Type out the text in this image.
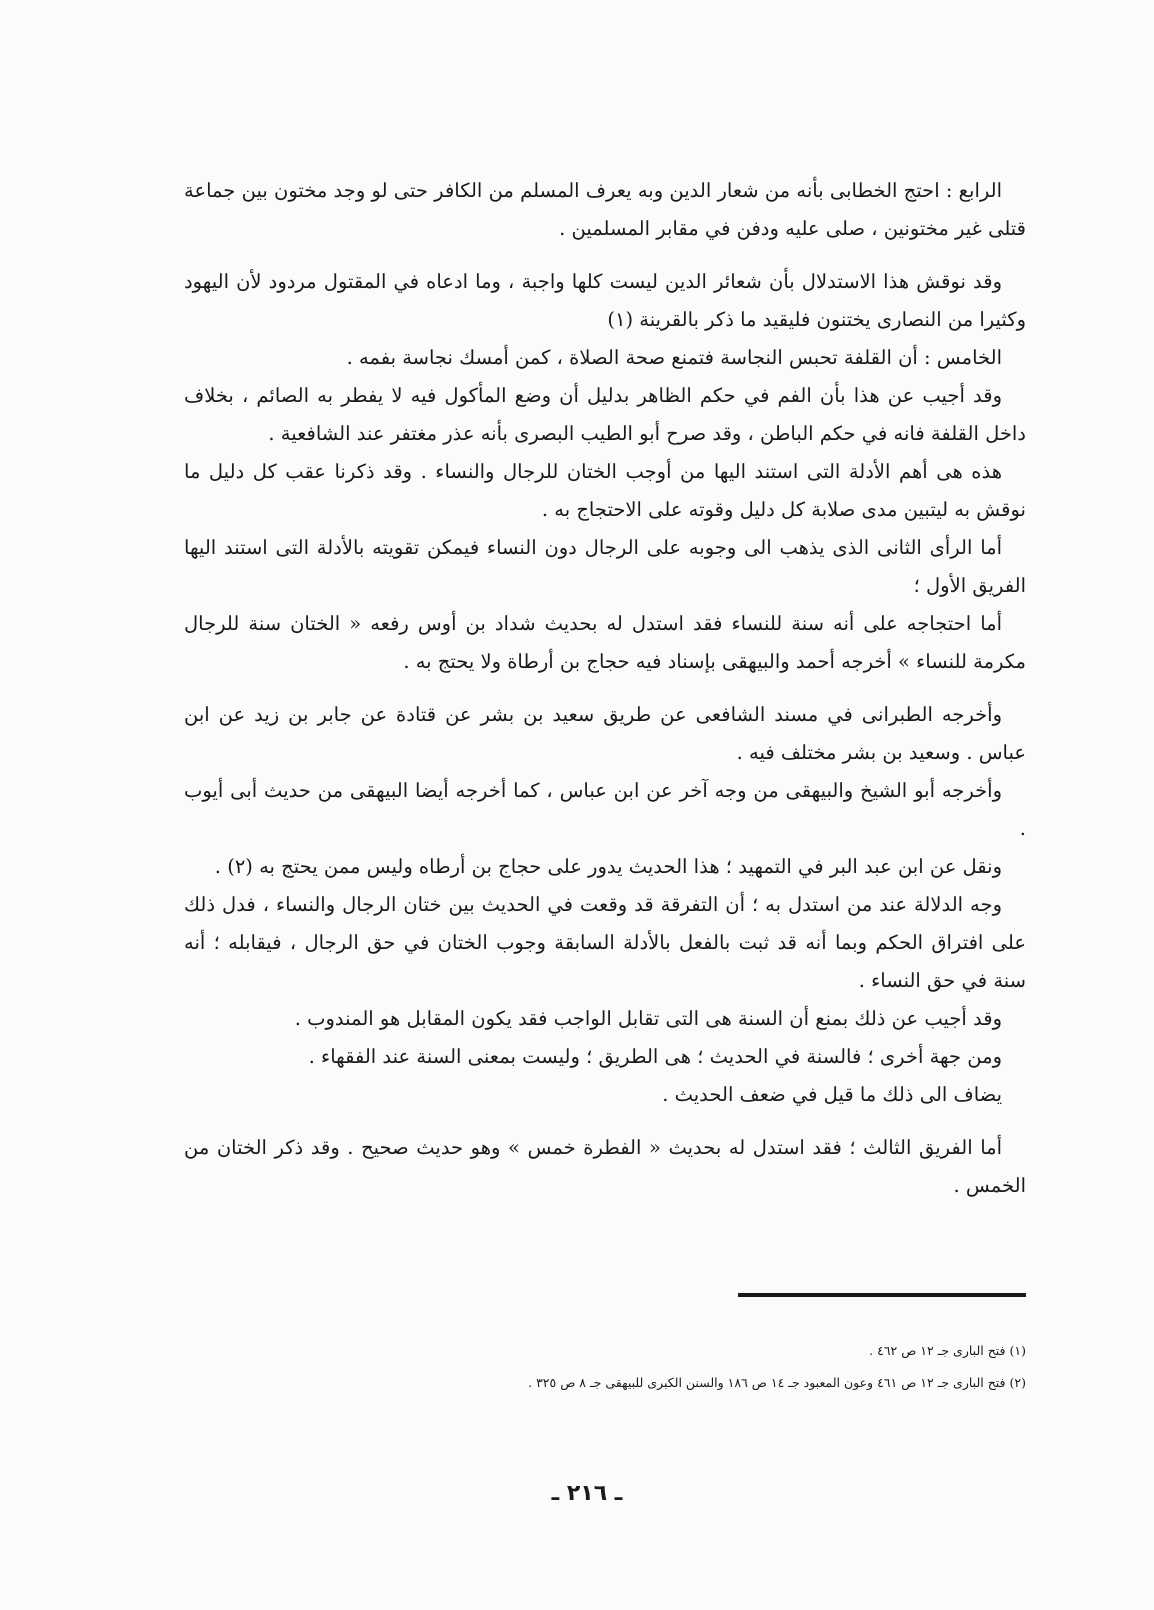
الرابع : احتج الخطابى بأنه من شعار الدين وبه يعرف المسلم من الكافر حتى لو وجد مختون بين جماعة قتلى غير مختونين ، صلى عليه ودفن في مقابر المسلمين .

وقد نوقش هذا الاستدلال بأن شعائر الدين ليست كلها واجبة ، وما ادعاه في المقتول مردود لأن اليهود وكثيرا من النصارى يختنون فليقيد ما ذكر بالقرينة (١)

الخامس : أن القلفة تحبس النجاسة فتمنع صحة الصلاة ، كمن أمسك نجاسة بفمه .

وقد أجيب عن هذا بأن الفم في حكم الظاهر بدليل أن وضع المأكول فيه لا يفطر به الصائم ، بخلاف داخل القلفة فانه في حكم الباطن ، وقد صرح أبو الطيب البصرى بأنه عذر مغتفر عند الشافعية .

هذه هى أهم الأدلة التى استند اليها من أوجب الختان للرجال والنساء . وقد ذكرنا عقب كل دليل ما نوقش به ليتبين مدى صلابة كل دليل وقوته على الاحتجاج به .

أما الرأى الثانى الذى يذهب الى وجوبه على الرجال دون النساء فيمكن تقويته بالأدلة التى استند اليها الفريق الأول ؛

أما احتجاجه على أنه سنة للنساء فقد استدل له بحديث شداد بن أوس رفعه « الختان سنة للرجال مكرمة للنساء » أخرجه أحمد والبيهقى بإسناد فيه حجاج بن أرطاة ولا يحتج به .

وأخرجه الطبرانى في مسند الشافعى عن طريق سعيد بن بشر عن قتادة عن جابر بن زيد عن ابن عباس . وسعيد بن بشر مختلف فيه .

وأخرجه أبو الشيخ والبيهقى من وجه آخر عن ابن عباس ، كما أخرجه أيضا البيهقى من حديث أبى أيوب .

ونقل عن ابن عبد البر في التمهيد ؛ هذا الحديث يدور على حجاج بن أرطاه وليس ممن يحتج به (٢) .

وجه الدلالة عند من استدل به ؛ أن التفرقة قد وقعت في الحديث بين ختان الرجال والنساء ، فدل ذلك على افتراق الحكم وبما أنه قد ثبت بالفعل بالأدلة السابقة وجوب الختان في حق الرجال ، فيقابله ؛ أنه سنة في حق النساء .

وقد أجيب عن ذلك بمنع أن السنة هى التى تقابل الواجب فقد يكون المقابل هو المندوب .

ومن جهة أخرى ؛ فالسنة في الحديث ؛ هى الطريق ؛ وليست بمعنى السنة عند الفقهاء .

يضاف الى ذلك ما قيل في ضعف الحديث .

أما الفريق الثالث ؛ فقد استدل له بحديث « الفطرة خمس » وهو حديث صحيح . وقد ذكر الختان من الخمس .

(١) فتح البارى جـ ١٢ ص ٤٦٢ .

(٢) فتح البارى جـ ١٢ ص ٤٦١ وعون المعبود جـ ١٤ ص ١٨٦ والسنن الكبرى للبيهقى جـ ٨ ص ٣٢٥ .

ـ ٢١٦ ـ
